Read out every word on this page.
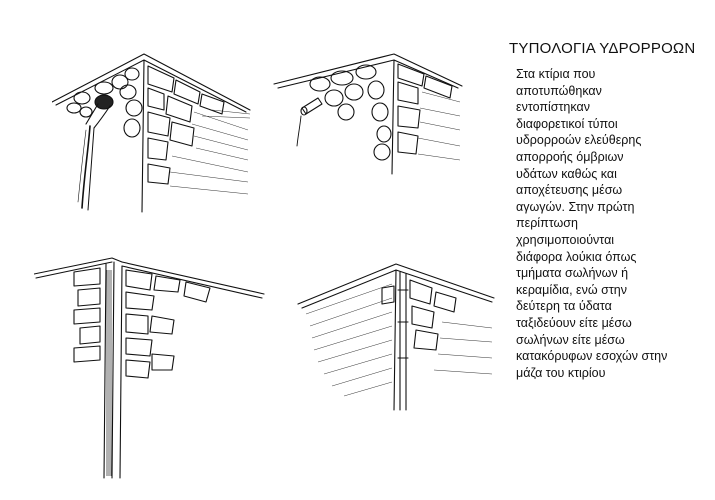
ΤΥΠΟΛΟΓΙΑ ΥΔΡΟΡΡΟΩΝ
Στα κτίρια που
αποτυπώθηκαν
εντοπίστηκαν
διαφορετικοί τύποι
υδρορροών ελεύθερης
απορροής όμβριων
υδάτων καθώς και
αποχέτευσης μέσω
αγωγών. Στην πρώτη
περίπτωση
χρησιμοποιούνται
διάφορα λούκια όπως
τμήματα σωλήνων ή
κεραμίδια, ενώ στην
δεύτερη τα ύδατα
ταξιδεύουν είτε μέσω
σωλήνων είτε μέσω
κατακόρυφων εσοχών στην
μάζα του κτιρίου
